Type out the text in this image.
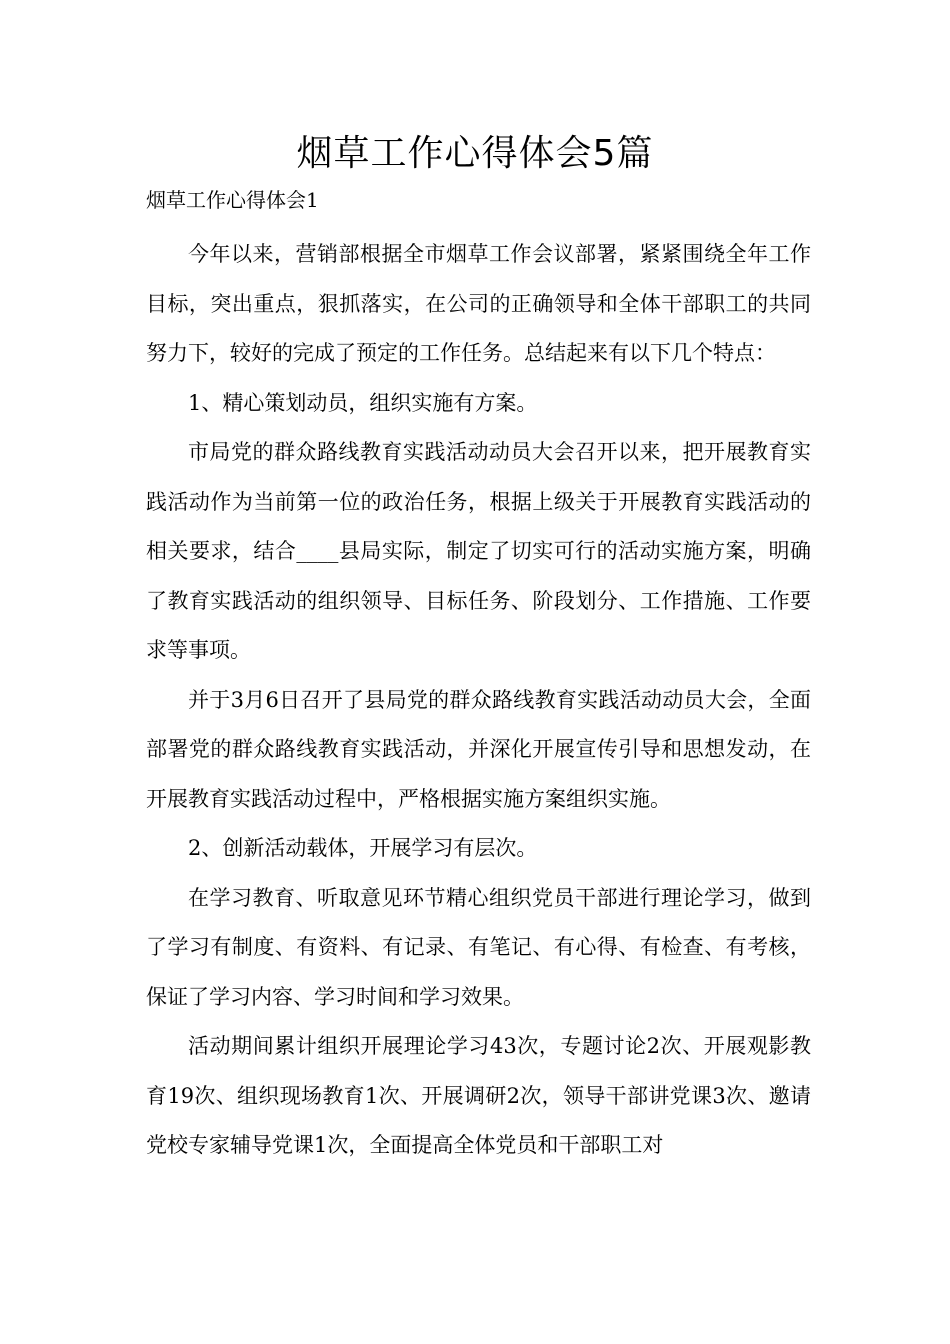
烟草工作心得体会5篇
烟草工作心得体会1

今年以来，营销部根据全市烟草工作会议部署，紧紧围绕全年工作目标，突出重点，狠抓落实，在公司的正确领导和全体干部职工的共同努力下，较好的完成了预定的工作任务。总结起来有以下几个特点：

1、精心策划动员，组织实施有方案。

市局党的群众路线教育实践活动动员大会召开以来，把开展教育实践活动作为当前第一位的政治任务，根据上级关于开展教育实践活动的相关要求，结合____县局实际，制定了切实可行的活动实施方案，明确了教育实践活动的组织领导、目标任务、阶段划分、工作措施、工作要求等事项。

并于3月6日召开了县局党的群众路线教育实践活动动员大会，全面部署党的群众路线教育实践活动，并深化开展宣传引导和思想发动，在开展教育实践活动过程中，严格根据实施方案组织实施。

2、创新活动载体，开展学习有层次。

在学习教育、听取意见环节精心组织党员干部进行理论学习，做到了学习有制度、有资料、有记录、有笔记、有心得、有检查、有考核，保证了学习内容、学习时间和学习效果。

活动期间累计组织开展理论学习43次，专题讨论2次、开展观影教育19次、组织现场教育1次、开展调研2次，领导干部讲党课3次、邀请党校专家辅导党课1次，全面提高全体党员和干部职工对
